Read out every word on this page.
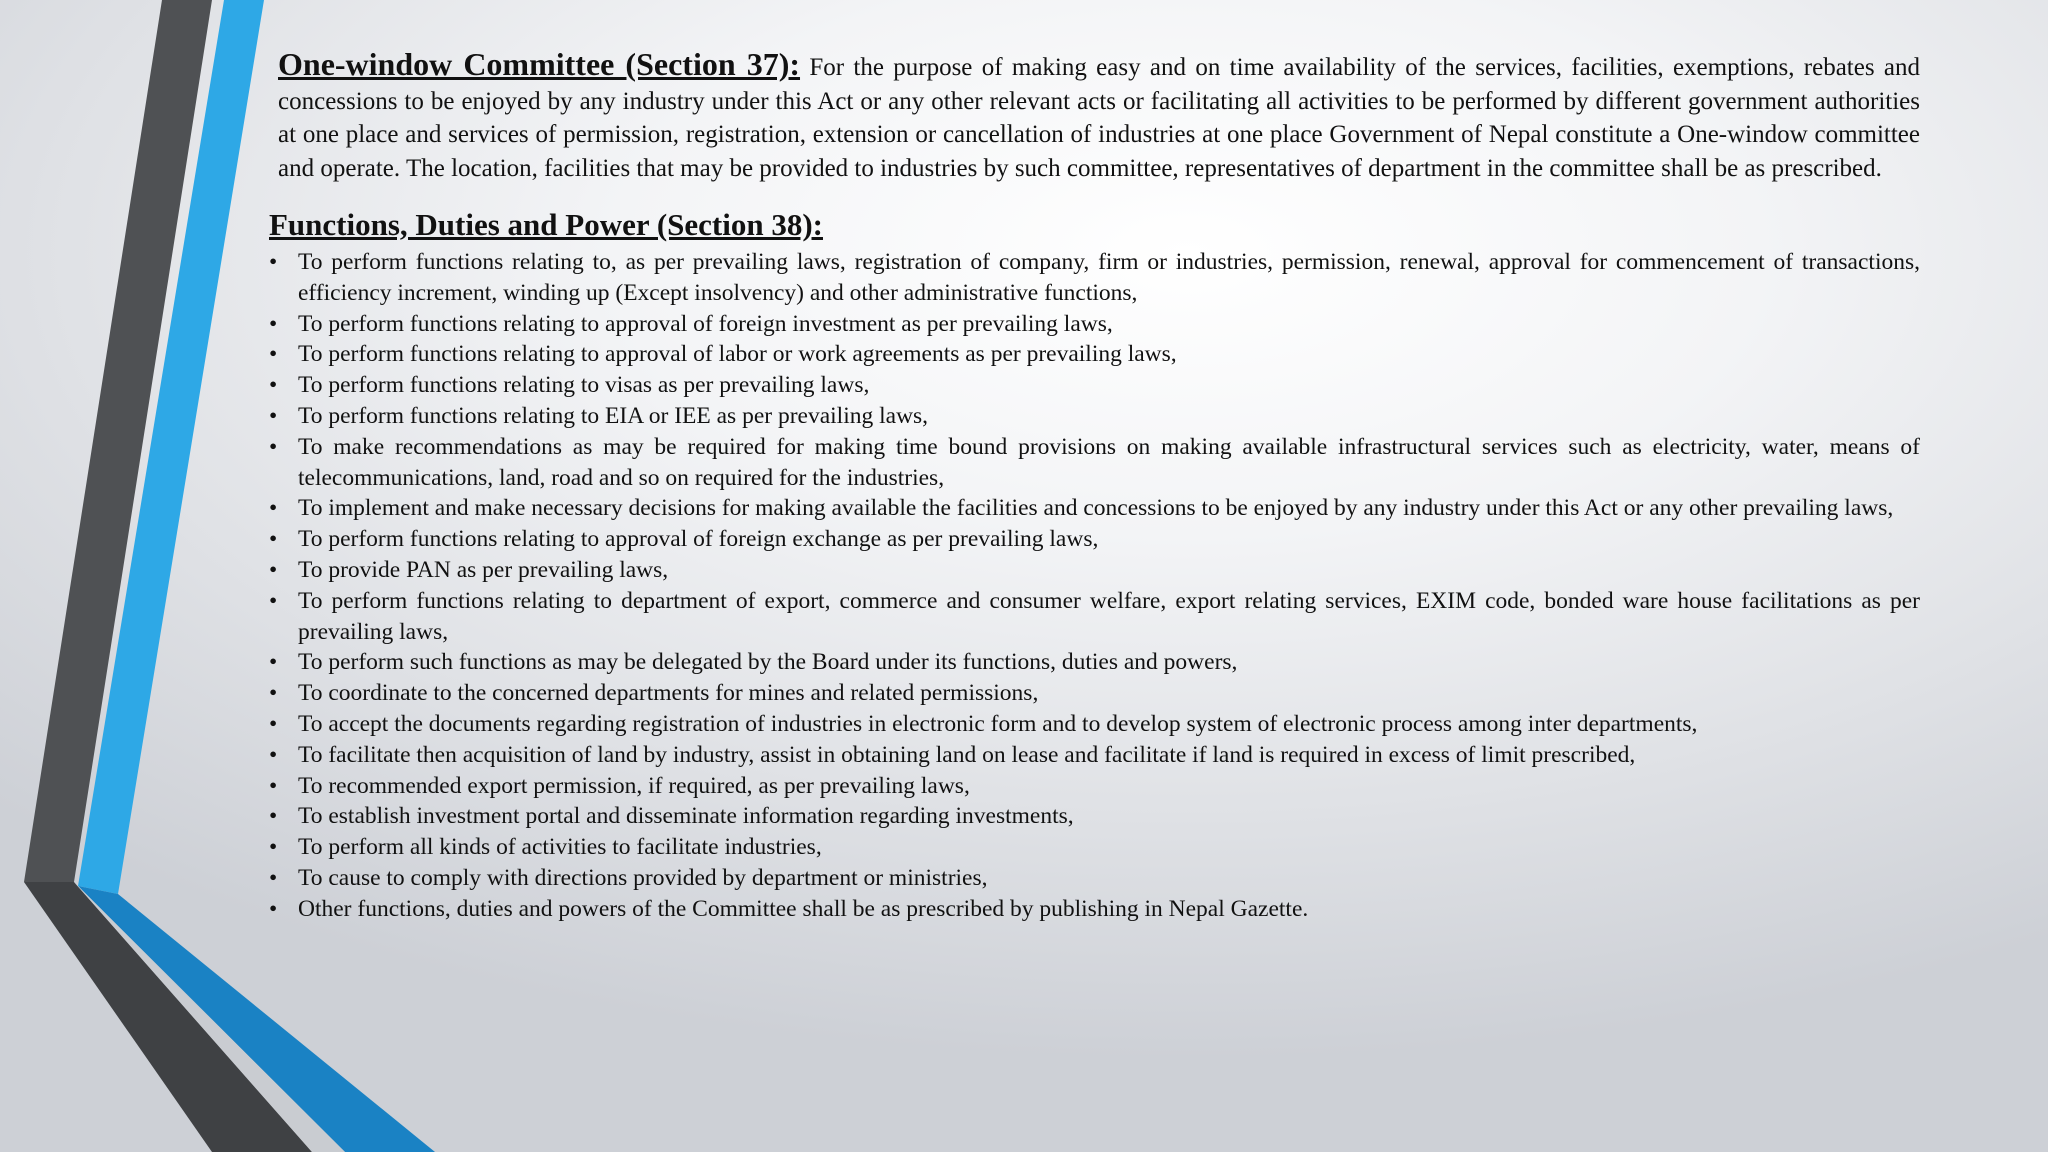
One-window Committee (Section 37): For the purpose of making easy and on time availability of the services, facilities, exemptions, rebates and concessions to be enjoyed by any industry under this Act or any other relevant acts or facilitating all activities to be performed by different government authorities at one place and services of permission, registration, extension or cancellation of industries at one place Government of Nepal constitute a One-window committee and operate. The location, facilities that may be provided to industries by such committee, representatives of department in the committee shall be as prescribed.

Functions, Duties and Power (Section 38):
• To perform functions relating to, as per prevailing laws, registration of company, firm or industries, permission, renewal, approval for commencement of transactions, efficiency increment, winding up (Except insolvency) and other administrative functions,
• To perform functions relating to approval of foreign investment as per prevailing laws,
• To perform functions relating to approval of labor or work agreements as per prevailing laws,
• To perform functions relating to visas as per prevailing laws,
• To perform functions relating to EIA or IEE as per prevailing laws,
• To make recommendations as may be required for making time bound provisions on making available infrastructural services such as electricity, water, means of telecommunications, land, road and so on required for the industries,
• To implement and make necessary decisions for making available the facilities and concessions to be enjoyed by any industry under this Act or any other prevailing laws,
• To perform functions relating to approval of foreign exchange as per prevailing laws,
• To provide PAN as per prevailing laws,
• To perform functions relating to department of export, commerce and consumer welfare, export relating services, EXIM code, bonded ware house facilitations as per prevailing laws,
• To perform such functions as may be delegated by the Board under its functions, duties and powers,
• To coordinate to the concerned departments for mines and related permissions,
• To accept the documents regarding registration of industries in electronic form and to develop system of electronic process among inter departments,
• To facilitate then acquisition of land by industry, assist in obtaining land on lease and facilitate if land is required in excess of limit prescribed,
• To recommended export permission, if required, as per prevailing laws,
• To establish investment portal and disseminate information regarding investments,
• To perform all kinds of activities to facilitate industries,
• To cause to comply with directions provided by department or ministries,
• Other functions, duties and powers of the Committee shall be as prescribed by publishing in Nepal Gazette.
